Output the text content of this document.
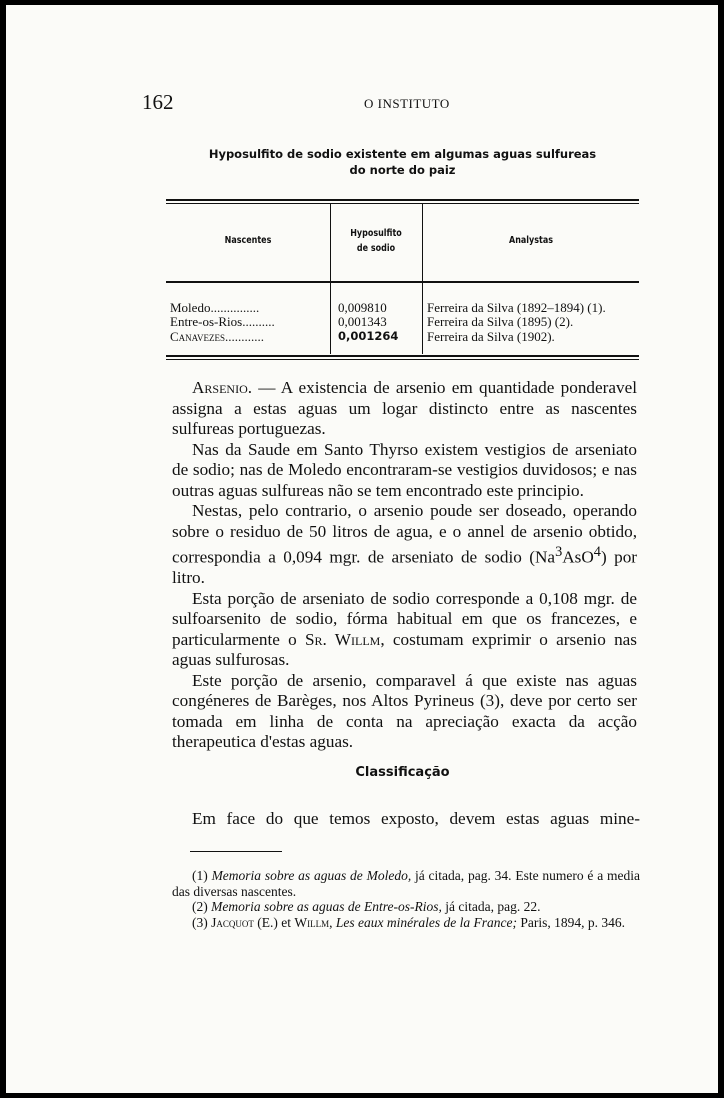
162	O INSTITUTO
Hyposulfito de sodio existente em algumas aguas sulfureas
do norte do paiz
Nascentes
Hyposulfito
de sodio
Analystas
Moledo...............	0,009810	Ferreira da Silva (1892–1894) (1).
Entre-os-Rios..........	0,001343	Ferreira da Silva (1895) (2).
Canavezes............	0,001264 Ferreira da Silva (1902).

Arsenio. — A existencia de arsenio em quantidade ponderavel assigna a estas aguas um logar distincto entre as nascentes sulfureas portuguezas.

Nas da Saude em Santo Thyrso existem vestigios de arseniato de sodio; nas de Moledo encontraram-se vestigios duvidosos; e nas outras aguas sulfureas não se tem encontrado este principio.

Nestas, pelo contrario, o arsenio poude ser doseado, operando sobre o residuo de 50 litros de agua, e o annel de arsenio obtido, correspondia a 0,094 mgr. de arseniato de sodio (Na$^3$AsO$^4$) por litro.

Esta porção de arseniato de sodio corresponde a 0,108 mgr. de sulfoarsenito de sodio, fórma habitual em que os francezes, e particularmente o Sr. Willm, costumam exprimir o arsenio nas aguas sulfurosas.

Este porção de arsenio, comparavel á que existe nas aguas congéneres de Barèges, nos Altos Pyrineus (3), deve por certo ser tomada em linha de conta na apreciação exacta da acção therapeutica d'estas aguas.

Classificação
Em face do que temos exposto, devem estas aguas mine-

(1) Memoria sobre as aguas de Moledo, já citada, pag. 34. Este numero é a media das diversas nascentes.

(2) Memoria sobre as aguas de Entre-os-Rios, já citada, pag. 22.

(3) Jacquot (E.) et Willm, Les eaux minérales de la France; Paris, 1894, p. 346.
